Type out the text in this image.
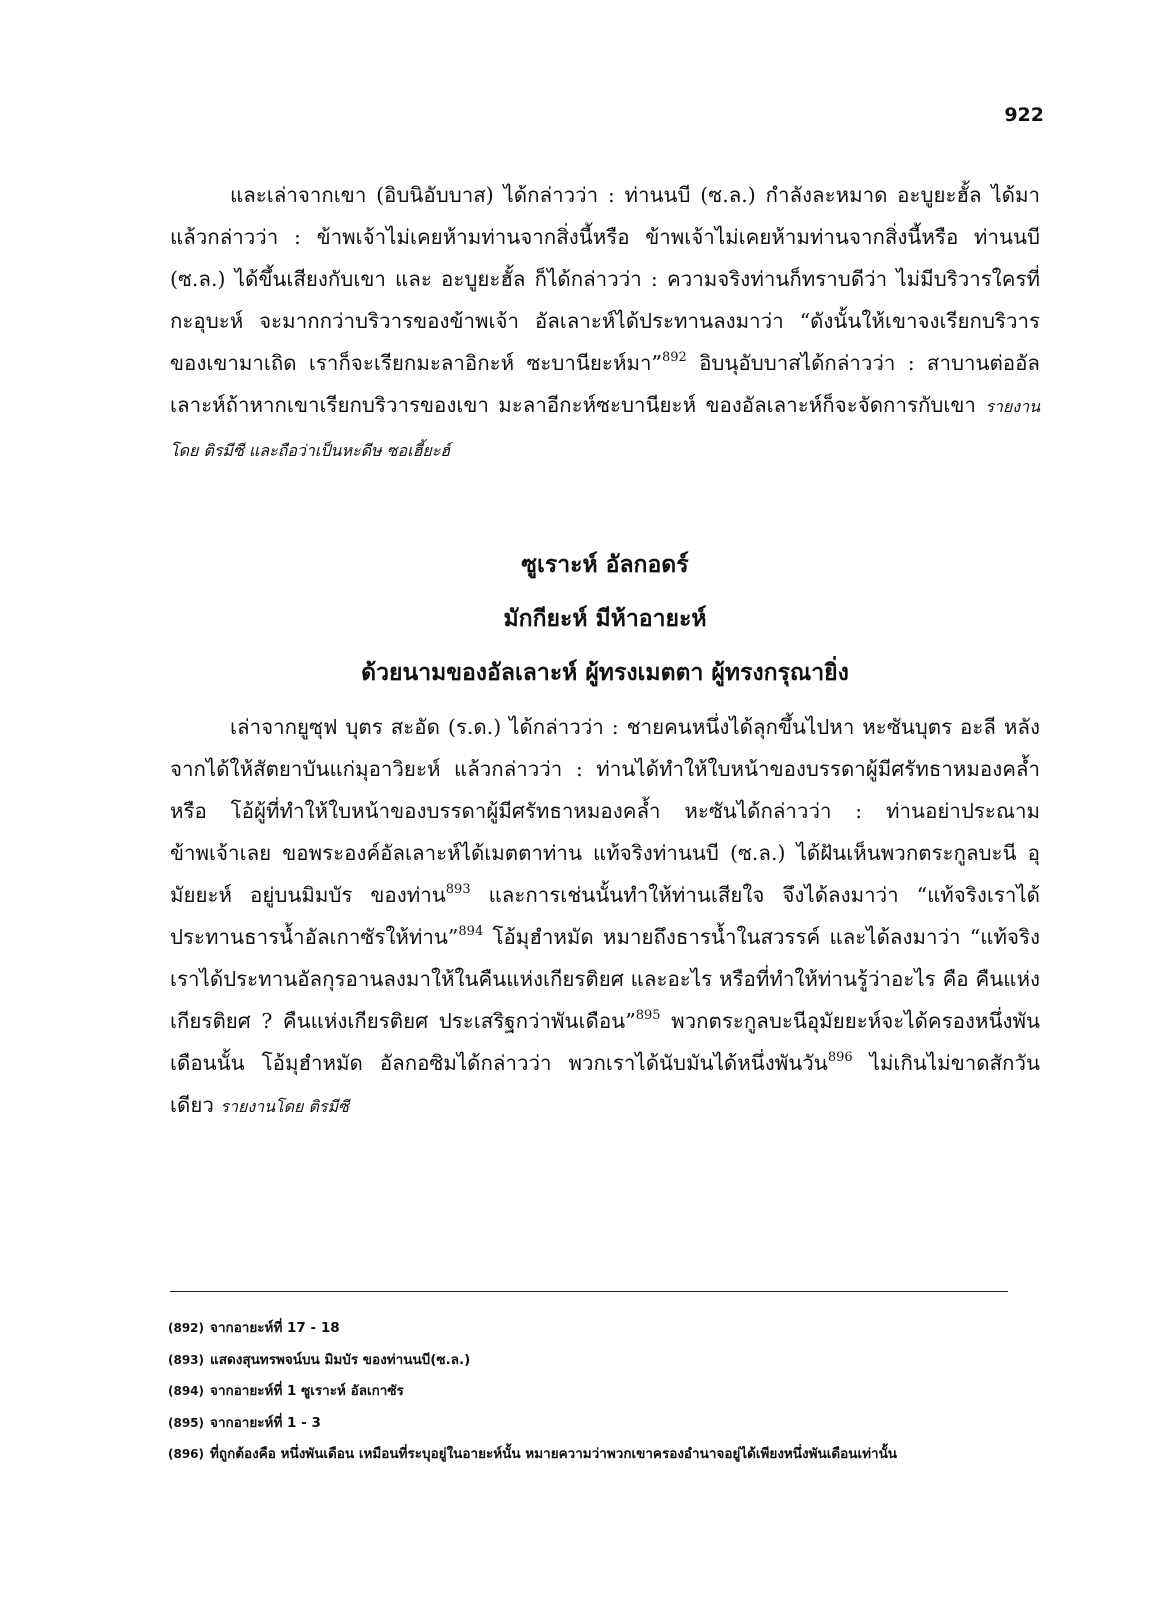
922

และเล่าจากเขา (อิบนิอับบาส) ได้กล่าวว่า : ท่านนบี (ซ.ล.) กำลังละหมาด อะบูยะฮั้ล ได้มาแล้วกล่าวว่า : ข้าพเจ้าไม่เคยห้ามท่านจากสิ่งนี้หรือ ข้าพเจ้าไม่เคยห้ามท่านจากสิ่งนี้หรือ ท่านนบี (ซ.ล.) ได้ขึ้นเสียงกับเขา และ อะบูยะฮั้ล ก็ได้กล่าวว่า : ความจริงท่านก็ทราบดีว่า ไม่มีบริวารใครที่กะอุบะห์ จะมากกว่าบริวารของข้าพเจ้า อัลเลาะห์ได้ประทานลงมาว่า “ดังนั้นให้เขาจงเรียกบริวารของเขามาเถิด เราก็จะเรียกมะลาอิกะห์ ซะบานียะห์มา”$^{892}$ อิบนุอับบาสได้กล่าวว่า : สาบานต่ออัลเลาะห์ถ้าหากเขาเรียกบริวารของเขา มะลาอีกะห์ซะบานียะห์ ของอัลเลาะห์ก็จะจัดการกับเขา รายงานโดย ติรมีซี และถือว่าเป็นหะดีษ ซอเฮี้ยะฮ์

ซูเราะห์ อัลกอดร์
มักกียะห์ มีห้าอายะห์
ด้วยนามของอัลเลาะห์ ผู้ทรงเมตตา ผู้ทรงกรุณายิ่ง

เล่าจากยูซุฟ บุตร สะอัด (ร.ด.) ได้กล่าวว่า : ชายคนหนึ่งได้ลุกขึ้นไปหา หะซันบุตร อะลี หลังจากได้ให้สัตยาบันแก่มุอาวิยะห์ แล้วกล่าวว่า : ท่านได้ทำให้ใบหน้าของบรรดาผู้มีศรัทธาหมองคล้ำหรือ โอ้ผู้ที่ทำให้ใบหน้าของบรรดาผู้มีศรัทธาหมองคล้ำ หะซันได้กล่าวว่า : ท่านอย่าประณามข้าพเจ้าเลย ขอพระองค์อัลเลาะห์ได้เมตตาท่าน แท้จริงท่านนบี (ซ.ล.) ได้ฝันเห็นพวกตระกูลบะนี อุมัยยะห์ อยู่บนมิมบัร ของท่าน$^{893}$ และการเช่นนั้นทำให้ท่านเสียใจ จึงได้ลงมาว่า “แท้จริงเราได้ประทานธารน้ำอัลเกาซัรให้ท่าน”$^{894}$ โอ้มุฮำหมัด หมายถึงธารน้ำในสวรรค์ และได้ลงมาว่า “แท้จริงเราได้ประทานอัลกุรอานลงมาให้ในคืนแห่งเกียรติยศ และอะไร หรือที่ทำให้ท่านรู้ว่าอะไร คือ คืนแห่งเกียรติยศ ? คืนแห่งเกียรติยศ ประเสริฐกว่าพันเดือน”$^{895}$ พวกตระกูลบะนีอุมัยยะห์จะได้ครองหนึ่งพันเดือนนั้น โอ้มุฮำหมัด อัลกอซิมได้กล่าวว่า พวกเราได้นับมันได้หนึ่งพันวัน$^{896}$ ไม่เกินไม่ขาดสักวันเดียว รายงานโดย ติรมีซี

(892) จากอายะห์ที่ 17 - 18
(893) แสดงสุนทรพจน์บน มิมบัร ของท่านนบี(ซ.ล.)
(894) จากอายะห์ที่ 1 ซูเราะห์ อัลเกาซัร
(895) จากอายะห์ที่ 1 - 3
(896) ที่ถูกต้องคือ หนึ่งพันเดือน เหมือนที่ระบุอยู่ในอายะห์นั้น หมายความว่าพวกเขาครองอำนาจอยู่ได้เพียงหนึ่งพันเดือนเท่านั้น
